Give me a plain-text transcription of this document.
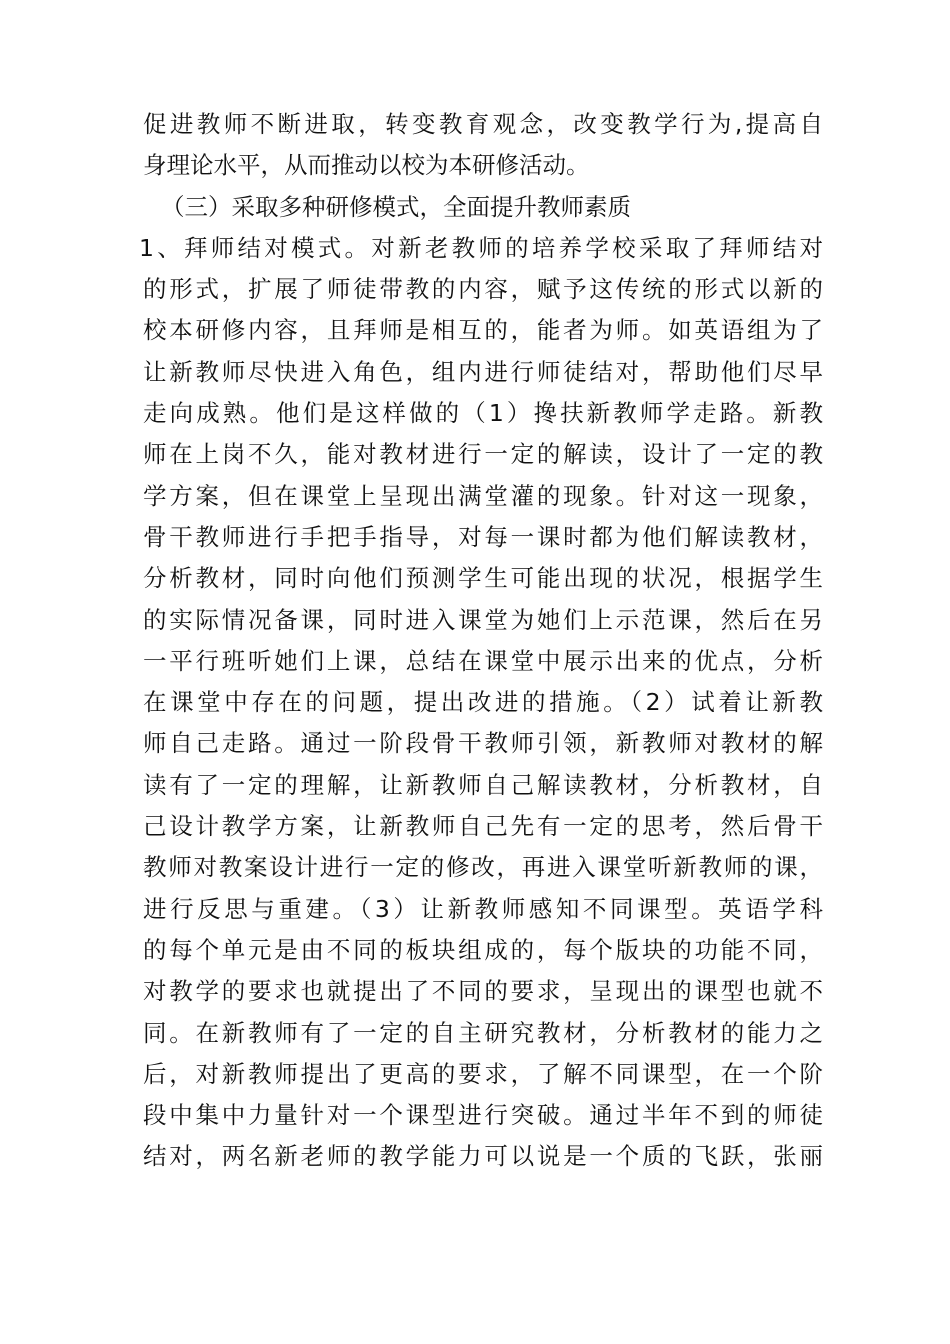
促进教师不断进取，转变教育观念，改变教学行为,提高自
身理论水平，从而推动以校为本研修活动。
（三）采取多种研修模式，全面提升教师素质
1、拜师结对模式。对新老教师的培养学校采取了拜师结对
的形式，扩展了师徒带教的内容，赋予这传统的形式以新的
校本研修内容，且拜师是相互的，能者为师。如英语组为了
让新教师尽快进入角色，组内进行师徒结对，帮助他们尽早
走向成熟。他们是这样做的（1）搀扶新教师学走路。新教
师在上岗不久，能对教材进行一定的解读，设计了一定的教
学方案，但在课堂上呈现出满堂灌的现象。针对这一现象，
骨干教师进行手把手指导，对每一课时都为他们解读教材，
分析教材，同时向他们预测学生可能出现的状况，根据学生
的实际情况备课，同时进入课堂为她们上示范课，然后在另
一平行班听她们上课，总结在课堂中展示出来的优点，分析
在课堂中存在的问题，提出改进的措施。（2）试着让新教
师自己走路。通过一阶段骨干教师引领，新教师对教材的解
读有了一定的理解，让新教师自己解读教材，分析教材，自
己设计教学方案，让新教师自己先有一定的思考，然后骨干
教师对教案设计进行一定的修改，再进入课堂听新教师的课，
进行反思与重建。（3）让新教师感知不同课型。英语学科
的每个单元是由不同的板块组成的，每个版块的功能不同，
对教学的要求也就提出了不同的要求，呈现出的课型也就不
同。在新教师有了一定的自主研究教材，分析教材的能力之
后，对新教师提出了更高的要求，了解不同课型，在一个阶
段中集中力量针对一个课型进行突破。通过半年不到的师徒
结对，两名新老师的教学能力可以说是一个质的飞跃，张丽
